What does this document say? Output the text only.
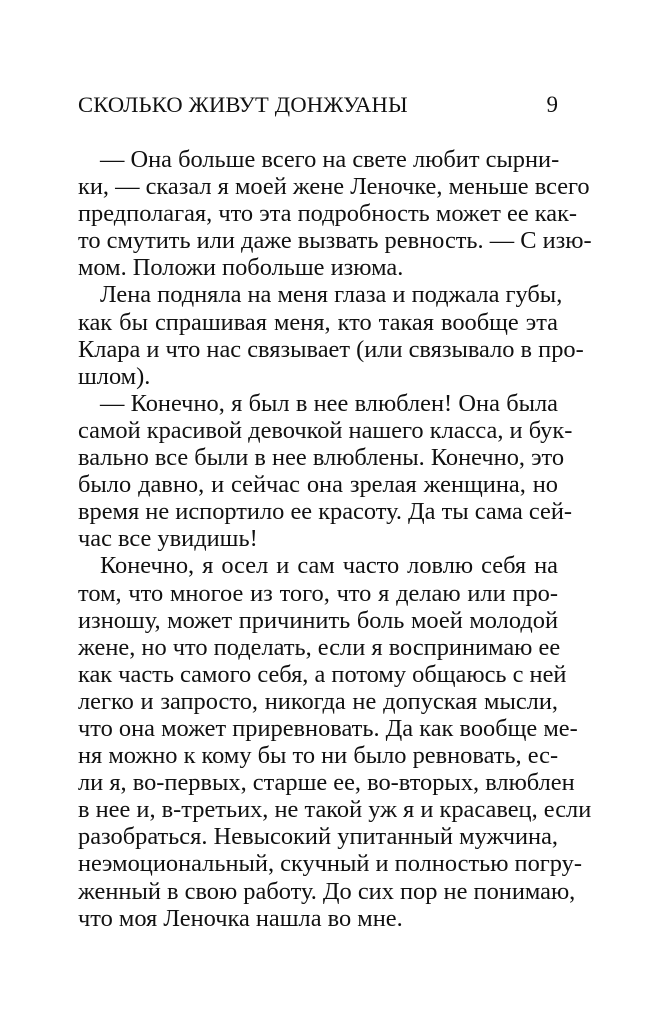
СКОЛЬКО ЖИВУТ ДОНЖУАНЫ	9
— Она больше всего на свете любит сырни-
ки, — сказал я моей жене Леночке, меньше всего
предполагая, что эта подробность может ее как-
то смутить или даже вызвать ревность. — С изю-
мом. Положи побольше изюма.
Лена подняла на меня глаза и поджала губы,
как бы спрашивая меня, кто такая вообще эта
Клара и что нас связывает (или связывало в про-
шлом).
— Конечно, я был в нее влюблен! Она была
самой красивой девочкой нашего класса, и бук-
вально все были в нее влюблены. Конечно, это
было давно, и сейчас она зрелая женщина, но
время не испортило ее красоту. Да ты сама сей-
час все увидишь!
Конечно, я осел и сам часто ловлю себя на
том, что многое из того, что я делаю или про-
изношу, может причинить боль моей молодой
жене, но что поделать, если я воспринимаю ее
как часть самого себя, а потому общаюсь с ней
легко и запросто, никогда не допуская мысли,
что она может приревновать. Да как вообще ме-
ня можно к кому бы то ни было ревновать, ес-
ли я, во-первых, старше ее, во-вторых, влюблен
в нее и, в-третьих, не такой уж я и красавец, если
разобраться. Невысокий упитанный мужчина,
неэмоциональный, скучный и полностью погру-
женный в свою работу. До сих пор не понимаю,
что моя Леночка нашла во мне.
